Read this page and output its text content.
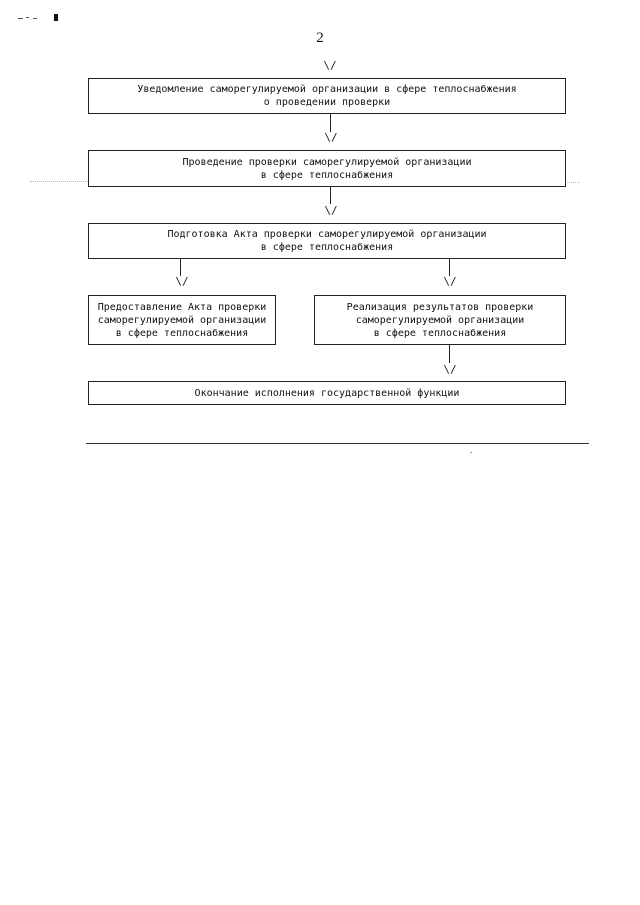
2
\/
Уведомление саморегулируемой организации в сфере теплоснабжения
о проведении проверки
\/
Проведение проверки саморегулируемой организации
в сфере теплоснабжения
\/
Подготовка Акта проверки саморегулируемой организации
в сфере теплоснабжения
\/	\/
Предоставление Акта проверки
саморегулируемой организации
в сфере теплоснабжения
Реализация результатов проверки
саморегулируемой организации
в сфере теплоснабжения
\/
Окончание исполнения государственной функции
